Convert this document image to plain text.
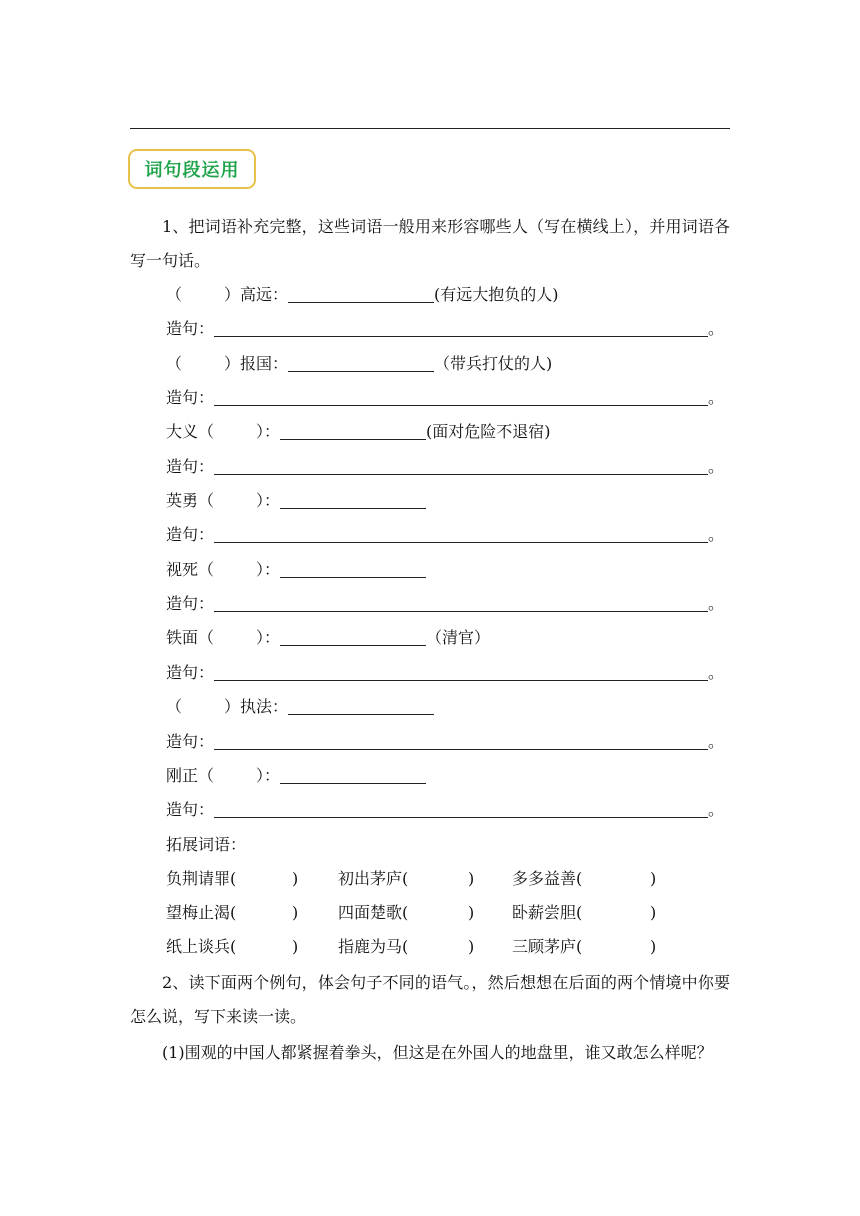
词句段运用
1、把词语补充完整，这些词语一般用来形容哪些人（写在横线上），并用词语各写一句话。
（	）高远：	(有远大抱负的人)
造句：	。
（	）报国：	（带兵打仗的人)
造句：	。
大义（	）：	(面对危险不退宿)
造句：	。
英勇（	）：
造句：	。
视死（	）：
造句：	。
铁面（	）：	（清官）
造句：	。
（	）执法：
造句：	。
刚正（	）：
造句：	。
拓展词语：
负荆请罪(	) 初出茅庐(	) 多多益善(	)
望梅止渴(	) 四面楚歌(	) 卧薪尝胆(	)
纸上谈兵(	) 指鹿为马(	) 三顾茅庐(	)
2、读下面两个例句，体会句子不同的语气。，然后想想在后面的两个情境中你要怎么说，写下来读一读。
(1)围观的中国人都紧握着拳头，但这是在外国人的地盘里，谁又敢怎么样呢？
